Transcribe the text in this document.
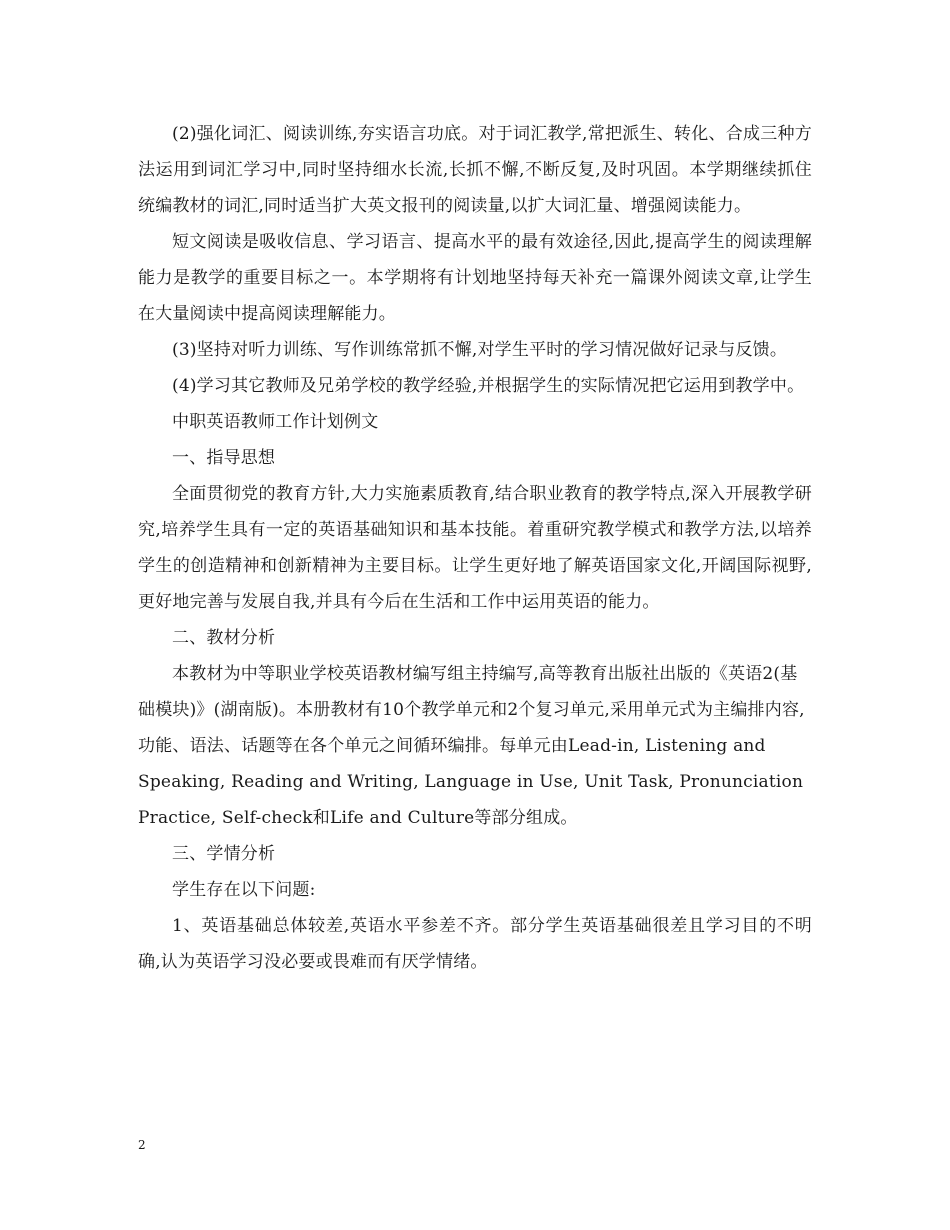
(2)强化词汇、阅读训练,夯实语言功底。对于词汇教学,常把派生、转化、合成三种方法运用到词汇学习中,同时坚持细水长流,长抓不懈,不断反复,及时巩固。本学期继续抓住统编教材的词汇,同时适当扩大英文报刊的阅读量,以扩大词汇量、增强阅读能力。

短文阅读是吸收信息、学习语言、提高水平的最有效途径,因此,提高学生的阅读理解能力是教学的重要目标之一。本学期将有计划地坚持每天补充一篇课外阅读文章,让学生在大量阅读中提高阅读理解能力。

(3)坚持对听力训练、写作训练常抓不懈,对学生平时的学习情况做好记录与反馈。

(4)学习其它教师及兄弟学校的教学经验,并根据学生的实际情况把它运用到教学中。

中职英语教师工作计划例文

一、指导思想

全面贯彻党的教育方针,大力实施素质教育,结合职业教育的教学特点,深入开展教学研究,培养学生具有一定的英语基础知识和基本技能。着重研究教学模式和教学方法,以培养学生的创造精神和创新精神为主要目标。让学生更好地了解英语国家文化,开阔国际视野,更好地完善与发展自我,并具有今后在生活和工作中运用英语的能力。

二、教材分析

本教材为中等职业学校英语教材编写组主持编写,高等教育出版社出版的《英语2(基础模块)》(湖南版)。本册教材有10个教学单元和2个复习单元,采用单元式为主编排内容,功能、语法、话题等在各个单元之间循环编排。每单元由Lead-in, Listening and Speaking, Reading and Writing, Language in Use, Unit Task, Pronunciation Practice, Self-check和Life and Culture等部分组成。

三、学情分析

学生存在以下问题:

1、英语基础总体较差,英语水平参差不齐。部分学生英语基础很差且学习目的不明确,认为英语学习没必要或畏难而有厌学情绪。

2
